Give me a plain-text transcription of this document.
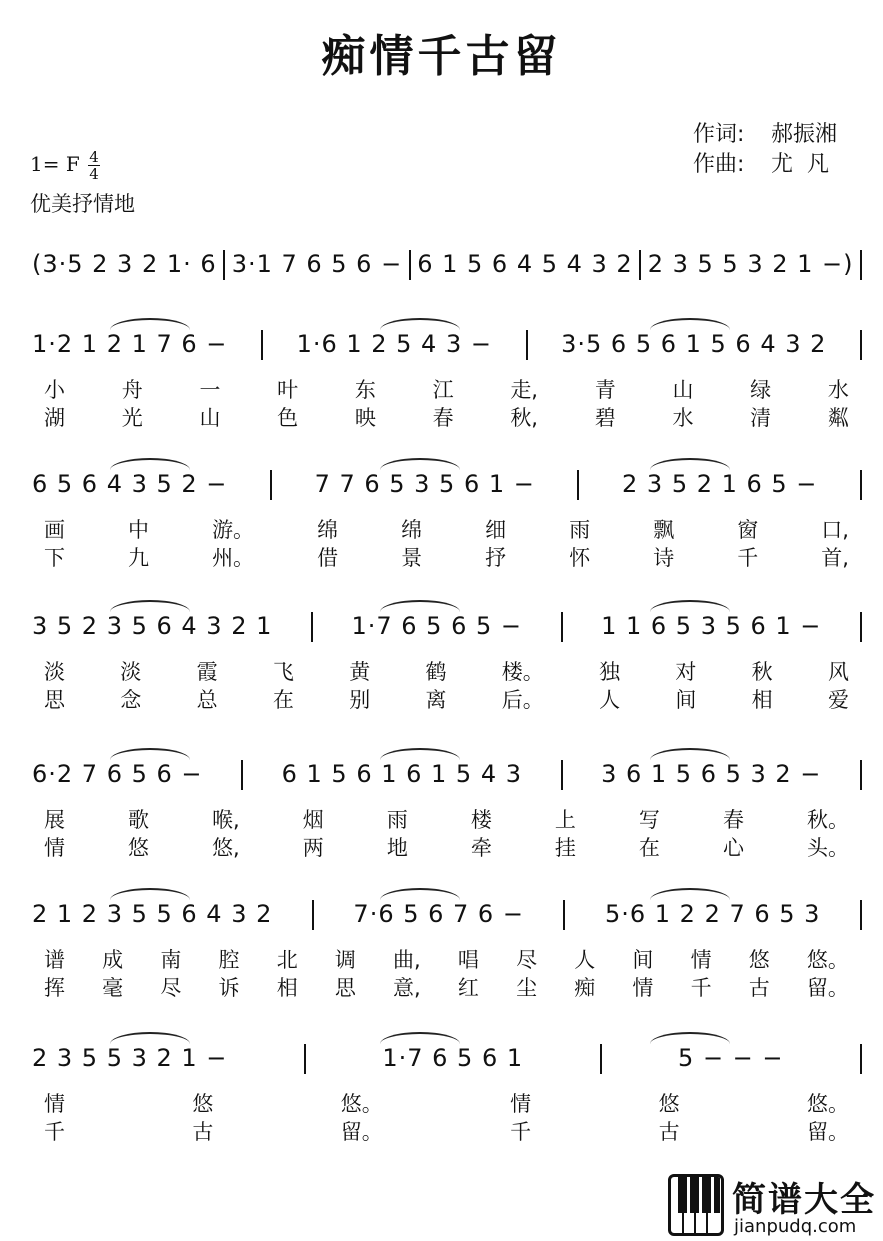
痴情千古留
作词:	郝振湘
作曲:	尤  凡
1= F 4
4
优美抒情地
(3·5 2 3 2 1· 6 3·1 7 6 5 6 − 6 1 5 6 4 5 4 3 2 2 3 5 5 3 2 1 −)
1·2 1 2 1 7 6 −	1·6 1 2 5 4 3 −	3·5 6 5 6 1 5 6 4 3 2
小	舟	一	叶	东	江	走,	青	山	绿	水
湖	光	山	色	映	春	秋,	碧	水	清	粼
6 5 6 4 3 5 2 −	7 7 6 5 3 5 6 1 −	2 3 5 2 1 6 5 −
画	中	游。	绵	绵	细	雨	飘	窗	口,
下	九	州。	借	景	抒	怀	诗	千	首,
3 5 2 3 5 6 4 3 2 1	1·7 6 5 6 5 −	1 1 6 5 3 5 6 1 −
淡	淡	霞	飞	黄	鹤	楼。	独	对	秋	风
思	念	总	在	别	离	后。	人	间	相	爱
6·2 7 6 5 6 −	6 1 5 6 1 6 1 5 4 3	3 6 1 5 6 5 3 2 −
展	歌	喉,	烟	雨	楼	上	写	春	秋。
情	悠	悠,	两	地	牵	挂	在	心	头。
2 1 2 3 5 5 6 4 3 2	7·6 5 6 7 6 −	5·6 1 2 2 7 6 5 3
谱 成 南 腔 北 调 曲, 唱 尽 人 间 情 悠 悠。
挥 毫 尽 诉 相 思 意, 红 尘 痴 情 千 古 留。
2 3 5 5 3 2 1 −	1·7 6 5 6 1	5 − − −
情	悠	悠。	情	悠	悠。
千	古	留。	千	古	留。
简谱大全
jianpudq.com
